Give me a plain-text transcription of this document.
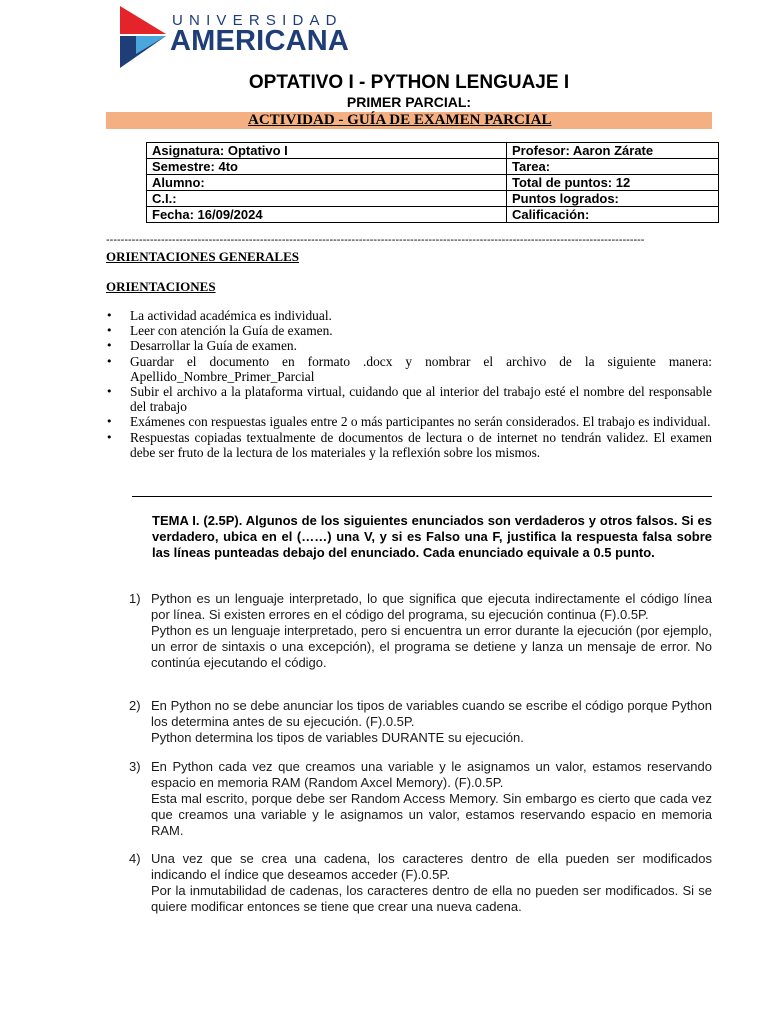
UNIVERSIDAD
AMERICANA
OPTATIVO I - PYTHON LENGUAJE I
PRIMER PARCIAL:
ACTIVIDAD - GUÍA DE EXAMEN PARCIAL
Asignatura: Optativo I	Profesor: Aaron Zárate
Semestre: 4to	Tarea:
Alumno:	Total de puntos: 12
C.I.:	Puntos logrados:
Fecha: 16/09/2024	Calificación:
---------------------------------------------------------------------------------------------------------------------------------------------------
ORIENTACIONES GENERALES
ORIENTACIONES
• La actividad académica es individual.
• Leer con atención la Guía de examen.
• Desarrollar la Guía de examen.
• Guardar el documento en formato .docx y nombrar el archivo de la siguiente manera: Apellido_Nombre_Primer_Parcial
• Subir el archivo a la plataforma virtual, cuidando que al interior del trabajo esté el nombre del responsable del trabajo
• Exámenes con respuestas iguales entre 2 o más participantes no serán considerados. El trabajo es individual.
• Respuestas copiadas textualmente de documentos de lectura o de internet no tendrán validez. El examen debe ser fruto de la lectura de los materiales y la reflexión sobre los mismos.

TEMA I. (2.5P). Algunos de los siguientes enunciados son verdaderos y otros falsos. Si es verdadero, ubica en el (……) una V, y si es Falso una F, justifica la respuesta falsa sobre las líneas punteadas debajo del enunciado. Cada enunciado equivale a 0.5 punto.

1) Python es un lenguaje interpretado, lo que significa que ejecuta indirectamente el código línea por línea. Si existen errores en el código del programa, su ejecución continua (F).0.5P.
Python es un lenguaje interpretado, pero si encuentra un error durante la ejecución (por ejemplo, un error de sintaxis o una excepción), el programa se detiene y lanza un mensaje de error. No continúa ejecutando el código.
2) En Python no se debe anunciar los tipos de variables cuando se escribe el código porque Python los determina antes de su ejecución. (F).0.5P.
Python determina los tipos de variables DURANTE su ejecución.
3) En Python cada vez que creamos una variable y le asignamos un valor, estamos reservando espacio en memoria RAM (Random Axcel Memory). (F).0.5P.
Esta mal escrito, porque debe ser Random Access Memory. Sin embargo es cierto que cada vez que creamos una variable y le asignamos un valor, estamos reservando espacio en memoria RAM.
4) Una vez que se crea una cadena, los caracteres dentro de ella pueden ser modificados indicando el índice que deseamos acceder (F).0.5P.
Por la inmutabilidad de cadenas, los caracteres dentro de ella no pueden ser modificados. Si se quiere modificar entonces se tiene que crear una nueva cadena.
